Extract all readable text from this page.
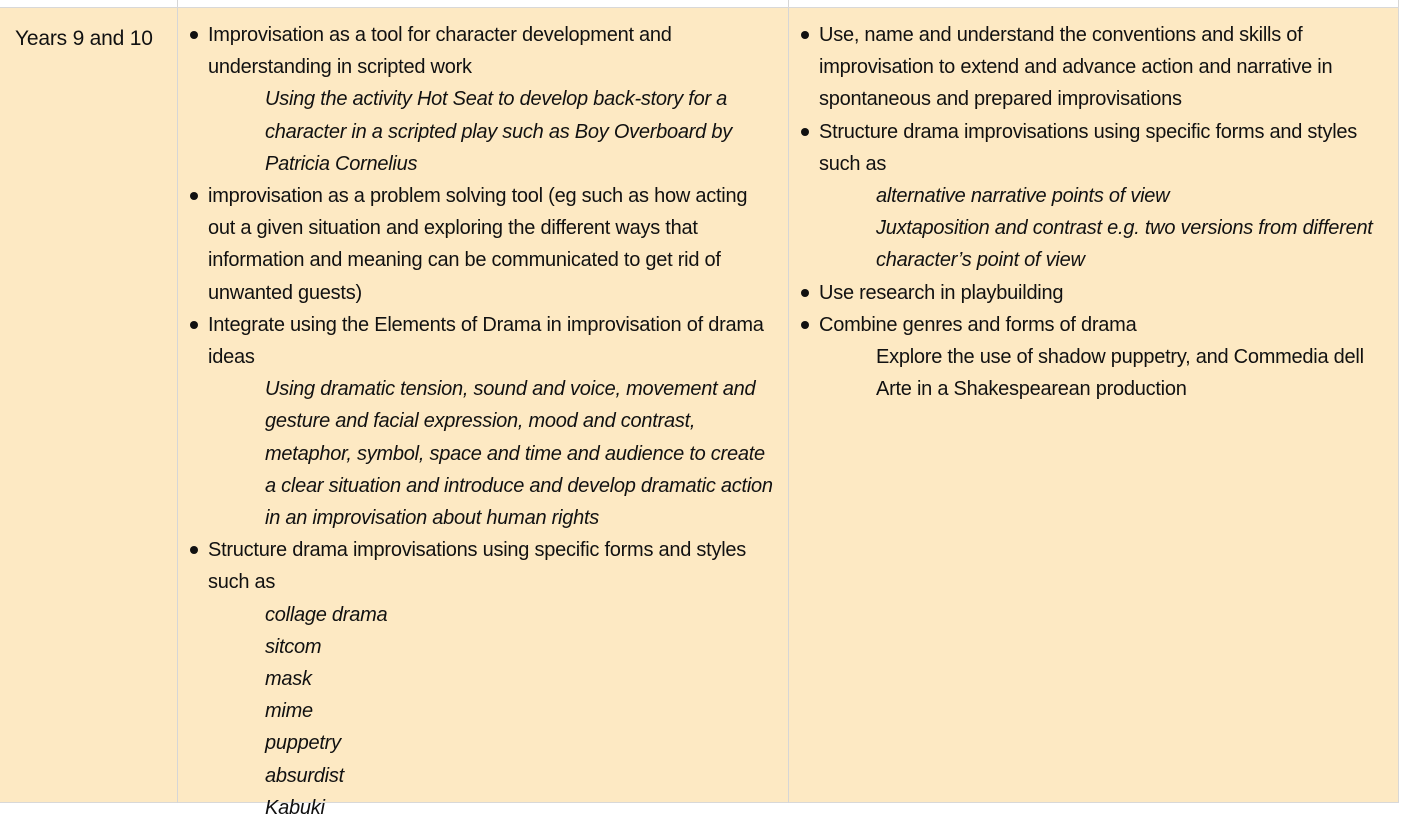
Years 9 and 10	Improvisation as a tool for character development and understanding in scripted work

Using the activity Hot Seat to develop back-story for a character in a scripted play such as Boy Overboard by Patricia Cornelius

improvisation as a problem solving tool (eg such as how acting out a given situation and exploring the different ways that information and meaning can be communicated to get rid of unwanted guests)
Integrate using the Elements of Drama in improvisation of drama ideas

Using dramatic tension, sound and voice, movement and gesture and facial expression, mood and contrast, metaphor, symbol, space and time and audience to create a clear situation and introduce and develop dramatic action in an improvisation about human rights

Structure drama improvisations using specific forms and styles such as

collage drama

sitcom

mask

mime

puppetry

absurdist

Kabuki

Use, name and understand the conventions and skills of improvisation to extend and advance action and narrative in spontaneous and prepared improvisations
Structure drama improvisations using specific forms and styles such as

alternative narrative points of view

Juxtaposition and contrast e.g. two versions from different character’s point of view

Use research in playbuilding
Combine genres and forms of drama

Explore the use of shadow puppetry, and Commedia dell Arte in a Shakespearean production
